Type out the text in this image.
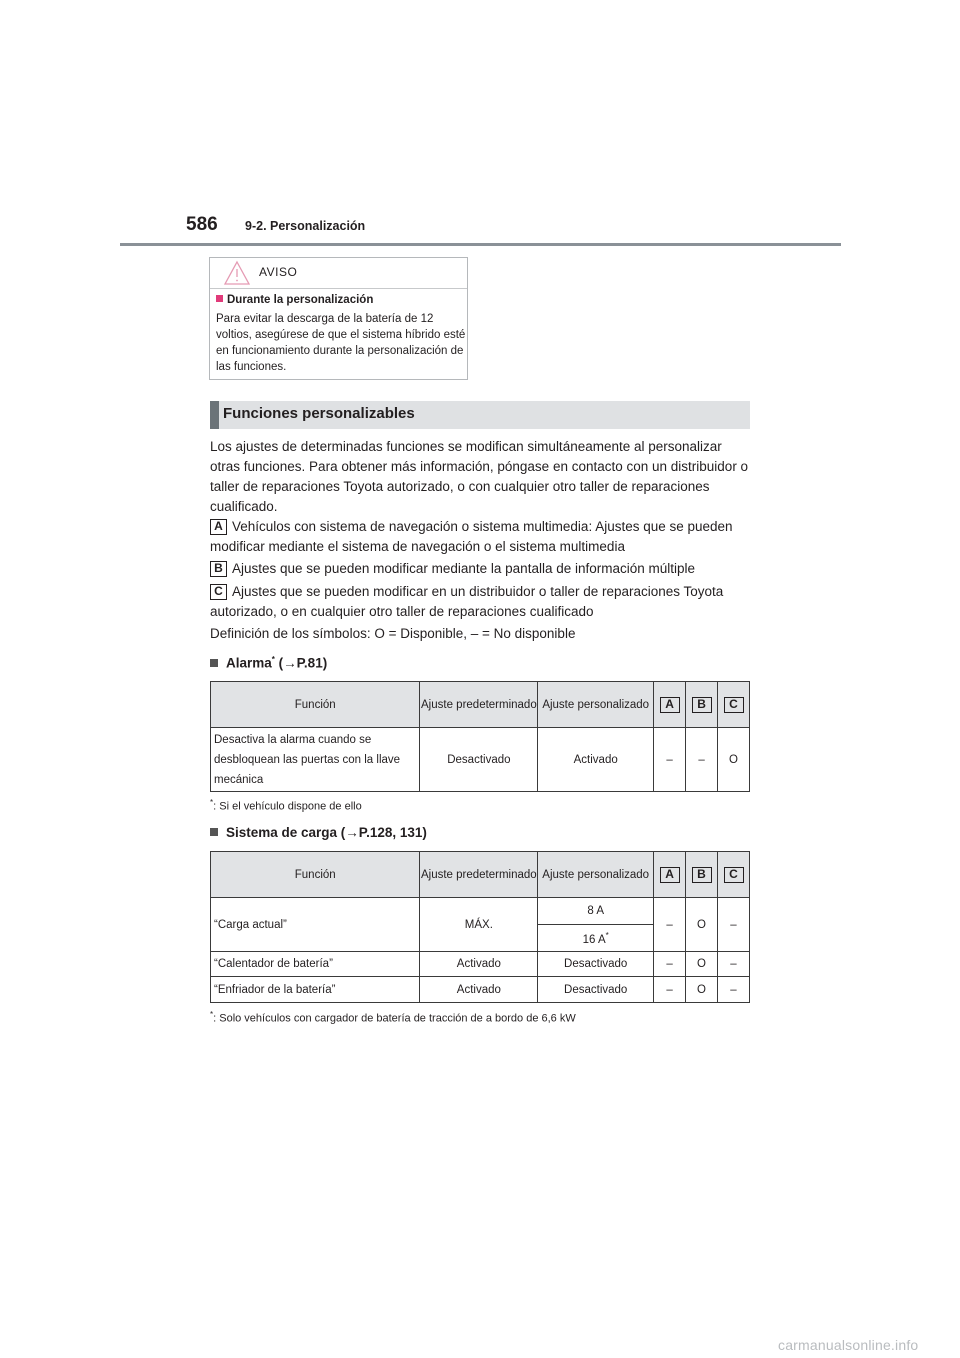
586 9-2. Personalización
AVISO
Durante la personalización
Para evitar la descarga de la batería de 12 voltios, asegúrese de que el sistema híbrido esté en funcionamiento durante la personalización de las funciones.
Funciones personalizables
Los ajustes de determinadas funciones se modifican simultáneamente al personalizar otras funciones. Para obtener más información, póngase en contacto con un distribuidor o taller de reparaciones Toyota autorizado, o con cualquier otro taller de reparaciones cualificado.
A Vehículos con sistema de navegación o sistema multimedia: Ajustes que se pueden modificar mediante el sistema de navegación o el sistema multimedia
B Ajustes que se pueden modificar mediante la pantalla de información múltiple
C Ajustes que se pueden modificar en un distribuidor o taller de reparaciones Toyota autorizado, o en cualquier otro taller de reparaciones cualificado
Definición de los símbolos: O = Disponible, – = No disponible
Alarma* (→P.81)
Función	Ajuste predeterminado	Ajuste personalizado	A	B	C
Desactiva la alarma cuando se desbloquean las puertas con la llave mecánica	Desactivado	Activado	–	–	O
*: Si el vehículo dispone de ello
Sistema de carga (→P.128, 131)
Función	Ajuste predeterminado	Ajuste personalizado	A	B	C
“Carga actual”	MÁX.	8 A	–	O	–
		16 A*
“Calentador de batería”	Activado	Desactivado	–	O	–
“Enfriador de la batería”	Activado	Desactivado	–	O	–
*: Solo vehículos con cargador de batería de tracción de a bordo de 6,6 kW
carmanualsonline.info
